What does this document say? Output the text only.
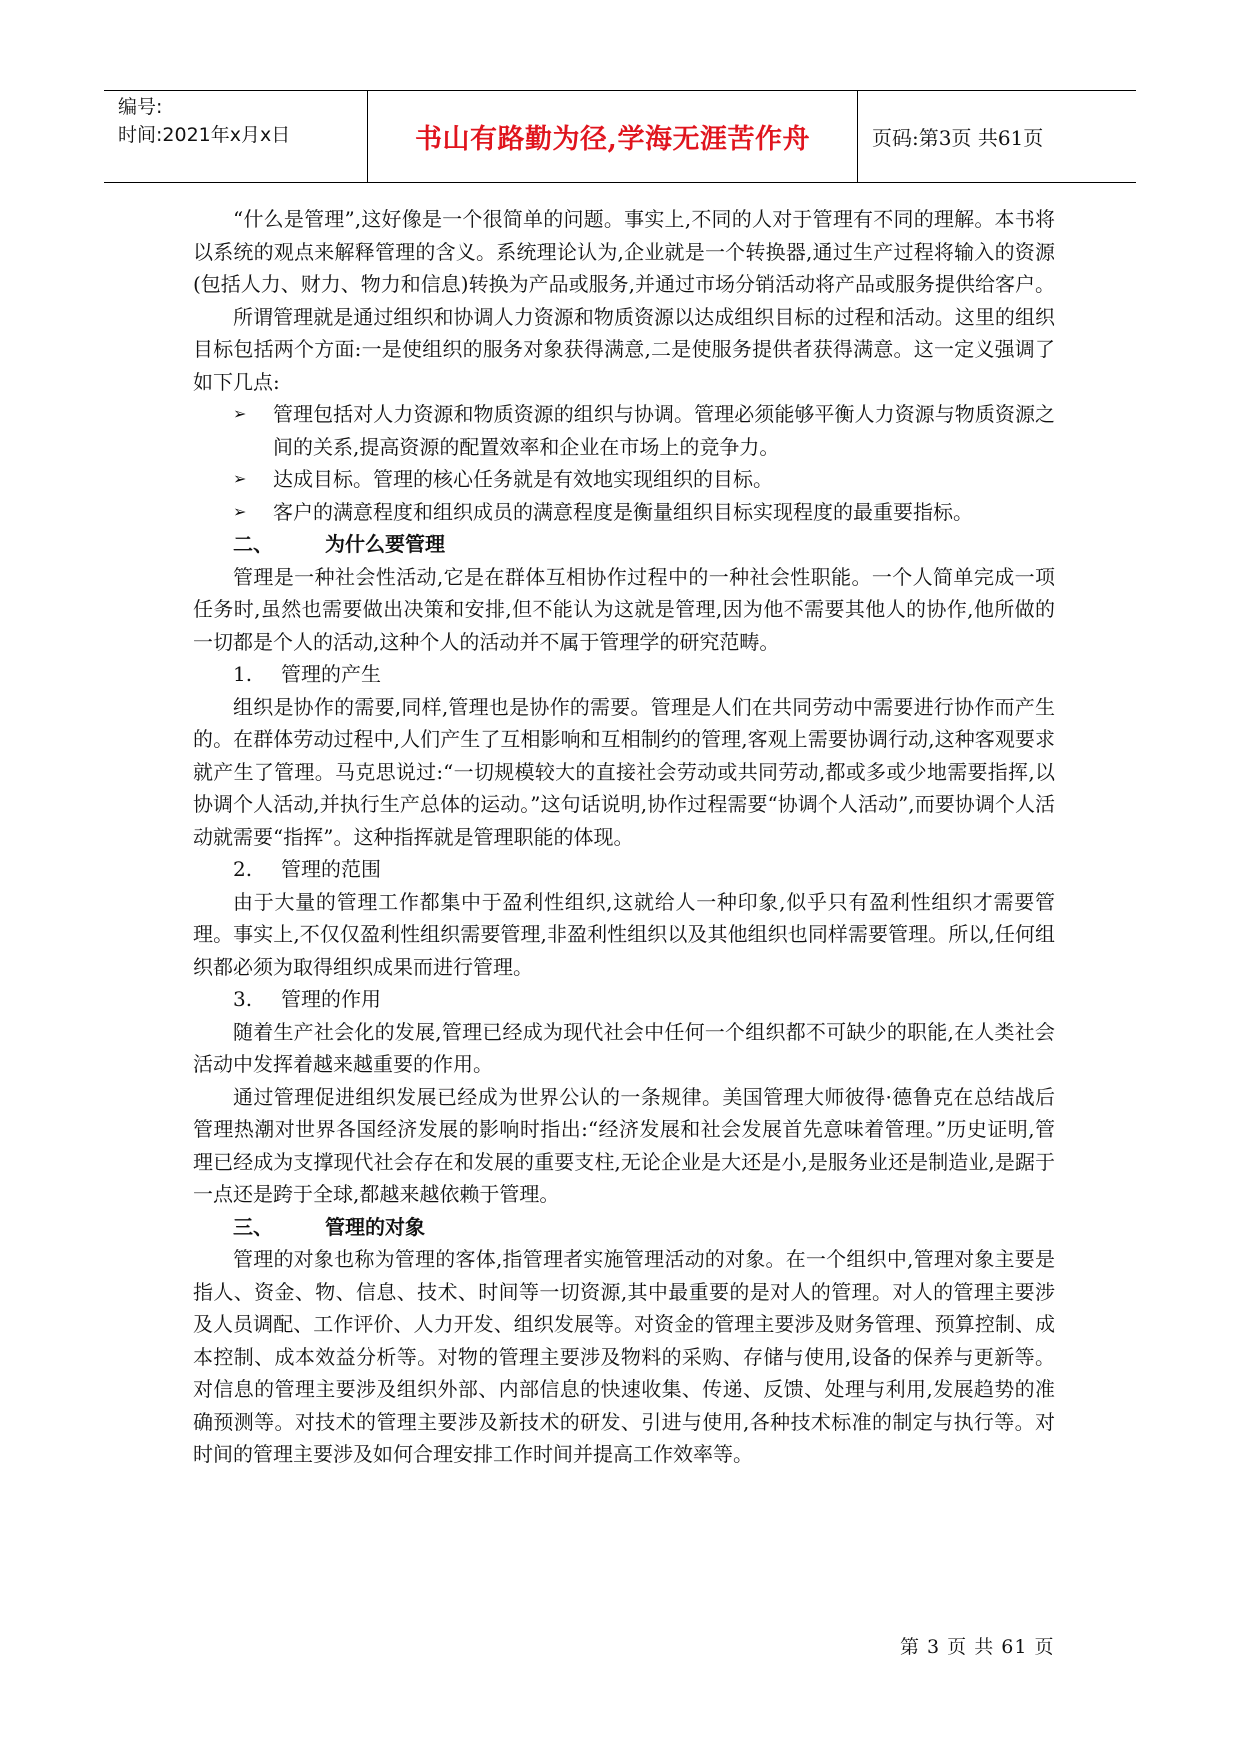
编号:
时间:2021年x月x日	书山有路勤为径,学海无涯苦作舟	页码:第3页 共61页

“什么是管理”,这好像是一个很简单的问题。事实上,不同的人对于管理有不同的理解。本书将以系统的观点来解释管理的含义。系统理论认为,企业就是一个转换器,通过生产过程将输入的资源(包括人力、财力、物力和信息)转换为产品或服务,并通过市场分销活动将产品或服务提供给客户。

所谓管理就是通过组织和协调人力资源和物质资源以达成组织目标的过程和活动。这里的组织目标包括两个方面:一是使组织的服务对象获得满意,二是使服务提供者获得满意。这一定义强调了如下几点:

➢	管理包括对人力资源和物质资源的组织与协调。管理必须能够平衡人力资源与物质资源之间的关系,提高资源的配置效率和企业在市场上的竞争力。
➢	达成目标。管理的核心任务就是有效地实现组织的目标。
➢	客户的满意程度和组织成员的满意程度是衡量组织目标实现程度的最重要指标。
二、	为什么要管理

管理是一种社会性活动,它是在群体互相协作过程中的一种社会性职能。一个人简单完成一项任务时,虽然也需要做出决策和安排,但不能认为这就是管理,因为他不需要其他人的协作,他所做的一切都是个人的活动,这种个人的活动并不属于管理学的研究范畴。

1.	管理的产生

组织是协作的需要,同样,管理也是协作的需要。管理是人们在共同劳动中需要进行协作而产生的。在群体劳动过程中,人们产生了互相影响和互相制约的管理,客观上需要协调行动,这种客观要求就产生了管理。马克思说过:“一切规模较大的直接社会劳动或共同劳动,都或多或少地需要指挥,以协调个人活动,并执行生产总体的运动。”这句话说明,协作过程需要“协调个人活动”,而要协调个人活动就需要“指挥”。这种指挥就是管理职能的体现。

2.	管理的范围

由于大量的管理工作都集中于盈利性组织,这就给人一种印象,似乎只有盈利性组织才需要管理。事实上,不仅仅盈利性组织需要管理,非盈利性组织以及其他组织也同样需要管理。所以,任何组织都必须为取得组织成果而进行管理。

3.	管理的作用

随着生产社会化的发展,管理已经成为现代社会中任何一个组织都不可缺少的职能,在人类社会活动中发挥着越来越重要的作用。

通过管理促进组织发展已经成为世界公认的一条规律。美国管理大师彼得·德鲁克在总结战后管理热潮对世界各国经济发展的影响时指出:“经济发展和社会发展首先意味着管理。”历史证明,管理已经成为支撑现代社会存在和发展的重要支柱,无论企业是大还是小,是服务业还是制造业,是踞于一点还是跨于全球,都越来越依赖于管理。

三、	管理的对象

管理的对象也称为管理的客体,指管理者实施管理活动的对象。在一个组织中,管理对象主要是指人、资金、物、信息、技术、时间等一切资源,其中最重要的是对人的管理。对人的管理主要涉及人员调配、工作评价、人力开发、组织发展等。对资金的管理主要涉及财务管理、预算控制、成本控制、成本效益分析等。对物的管理主要涉及物料的采购、存储与使用,设备的保养与更新等。对信息的管理主要涉及组织外部、内部信息的快速收集、传递、反馈、处理与利用,发展趋势的准确预测等。对技术的管理主要涉及新技术的研发、引进与使用,各种技术标准的制定与执行等。对时间的管理主要涉及如何合理安排工作时间并提高工作效率等。

第 3 页 共 61 页
